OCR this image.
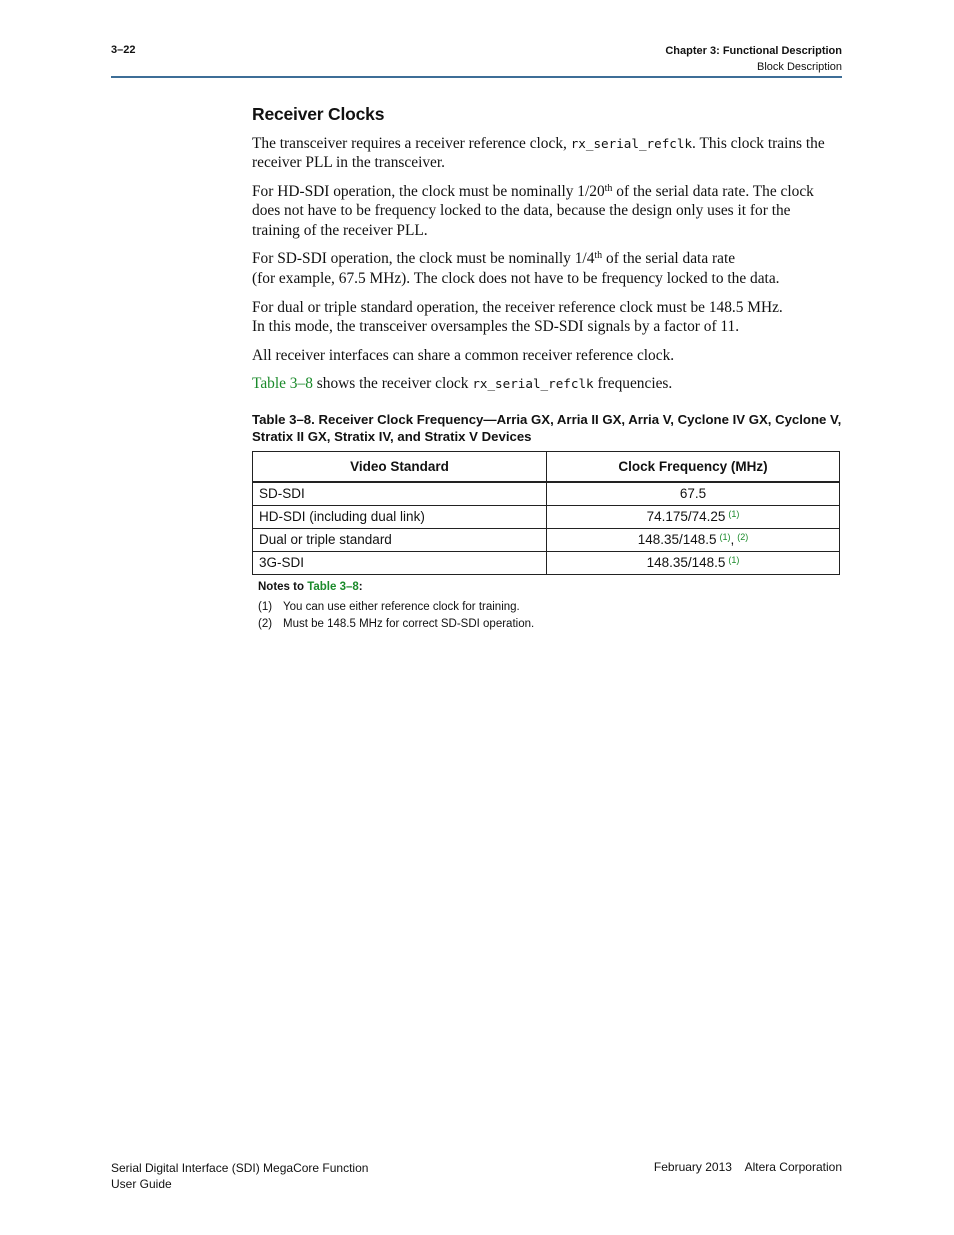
3–22	Chapter 3: Functional Description
Block Description
Receiver Clocks

The transceiver requires a receiver reference clock, rx_serial_refclk. This clock trains the receiver PLL in the transceiver.

For HD-SDI operation, the clock must be nominally 1/20th of the serial data rate. The clock does not have to be frequency locked to the data, because the design only uses it for the training of the receiver PLL.

For SD-SDI operation, the clock must be nominally 1/4th of the serial data rate
(for example, 67.5 MHz). The clock does not have to be frequency locked to the data.

For dual or triple standard operation, the receiver reference clock must be 148.5 MHz.
In this mode, the transceiver oversamples the SD-SDI signals by a factor of 11.

All receiver interfaces can share a common receiver reference clock.

Table 3–8 shows the receiver clock rx_serial_refclk frequencies.

Table 3–8. Receiver Clock Frequency—Arria GX, Arria II GX, Arria V, Cyclone IV GX, Cyclone V,
Stratix II GX, Stratix IV, and Stratix V Devices
Video Standard	Clock Frequency (MHz)
SD-SDI	67.5
HD-SDI (including dual link)	74.175/74.25 $^{(1)}$
Dual or triple standard	148.35/148.5 $^{(1)}$, $^{(2)}$
3G-SDI	148.35/148.5 $^{(1)}$
Notes to Table 3–8:
(1) You can use either reference clock for training.
(2) Must be 148.5 MHz for correct SD-SDI operation.
Serial Digital Interface (SDI) MegaCore Function
User Guide
February 2013    Altera Corporation
